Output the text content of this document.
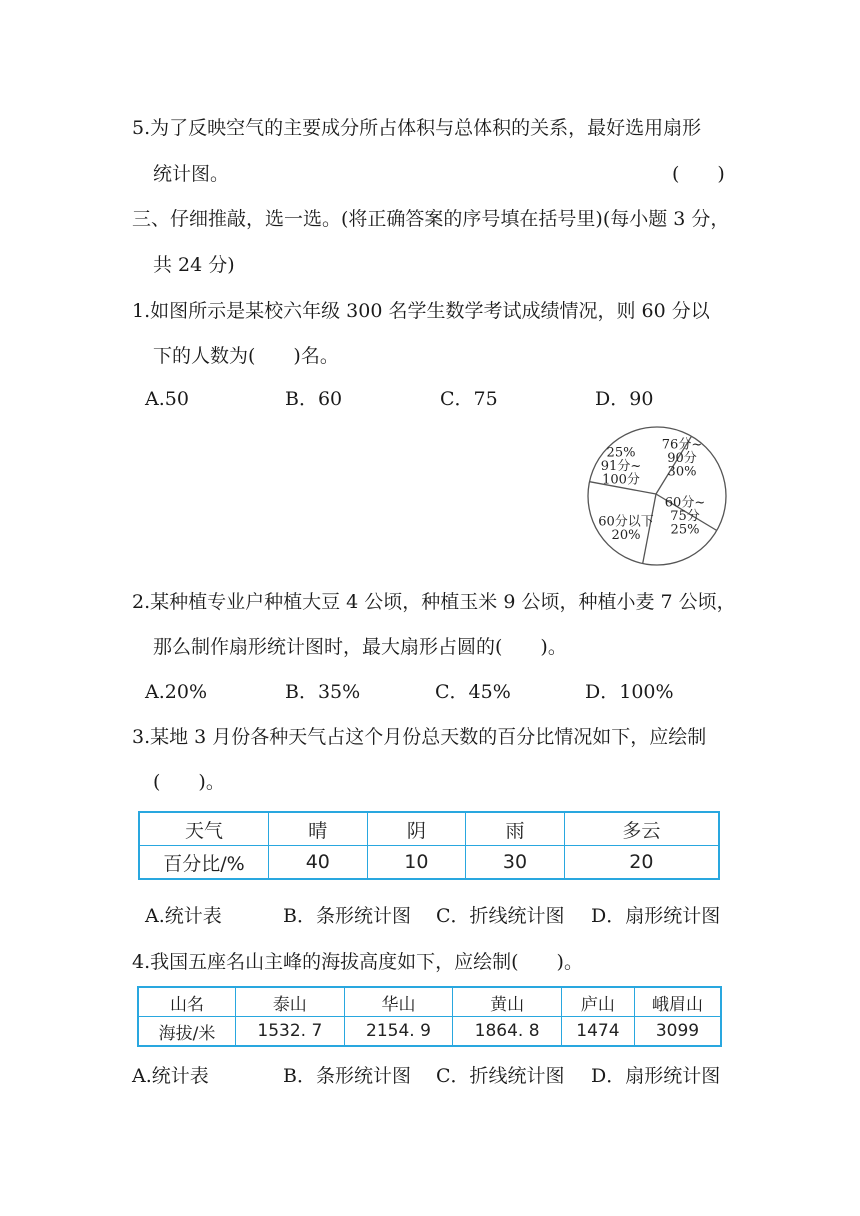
5.为了反映空气的主要成分所占体积与总体积的关系，最好选用扇形
统计图。	(　　)
三、仔细推敲，选一选。(将正确答案的序号填在括号里)(每小题 3 分，
共 24 分)
1.如图所示是某校六年级 300 名学生数学考试成绩情况，则 60 分以
下的人数为(　　)名。
A.50	B．60	C．75	D．90
76分~ 90分 30%
60分~ 75分 25%
60分以下 20%
25% 91分~ 100分
2.某种植专业户种植大豆 4 公顷，种植玉米 9 公顷，种植小麦 7 公顷，
那么制作扇形统计图时，最大扇形占圆的(　　)。
A.20%	B．35%	C．45%	D．100%
3.某地 3 月份各种天气占这个月份总天数的百分比情况如下，应绘制
(　　)。
天气	晴	阴	雨	多云
百分比/%	40	10	30	20
A.统计表	B．条形统计图 C．折线统计图 D．扇形统计图
4.我国五座名山主峰的海拔高度如下，应绘制(　　)。
山名	泰山	华山	黄山	庐山	峨眉山
海拔/米	1532. 7	2154. 9	1864. 8	1474	3099
A.统计表	B．条形统计图 C．折线统计图 D．扇形统计图
